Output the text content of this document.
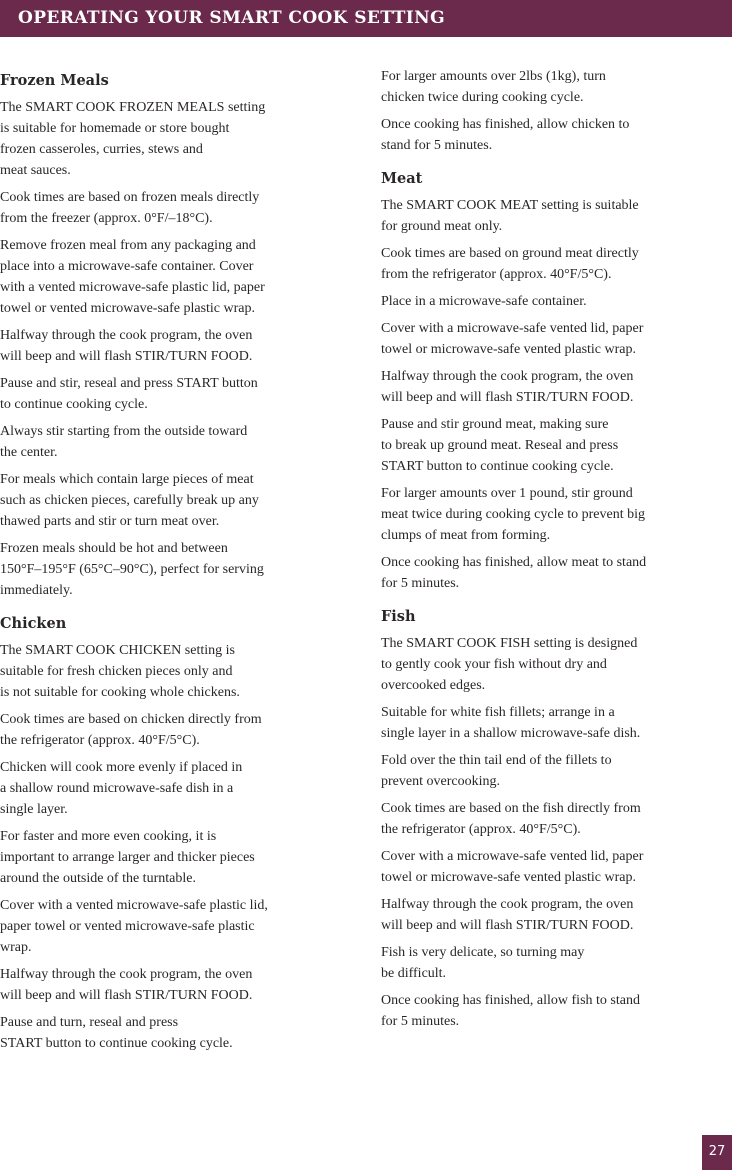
OPERATING YOUR SMART COOK SETTING
Frozen Meals
The SMART COOK FROZEN MEALS setting
is suitable for homemade or store bought
frozen casseroles, curries, stews and
meat sauces.
Cook times are based on frozen meals directly
from the freezer (approx. 0°F/–18°C).
Remove frozen meal from any packaging and
place into a microwave-safe container. Cover
with a vented microwave-safe plastic lid, paper
towel or vented microwave-safe plastic wrap.
Halfway through the cook program, the oven
will beep and will flash STIR/TURN FOOD.
Pause and stir, reseal and press START button
to continue cooking cycle.
Always stir starting from the outside toward
the center.
For meals which contain large pieces of meat
such as chicken pieces, carefully break up any
thawed parts and stir or turn meat over.
Frozen meals should be hot and between
150°F–195°F (65°C–90°C), perfect for serving
immediately.
Chicken
The SMART COOK CHICKEN setting is
suitable for fresh chicken pieces only and
is not suitable for cooking whole chickens.
Cook times are based on chicken directly from
the refrigerator (approx. 40°F/5°C).
Chicken will cook more evenly if placed in
a shallow round microwave-safe dish in a
single layer.
For faster and more even cooking, it is
important to arrange larger and thicker pieces
around the outside of the turntable.
Cover with a vented microwave-safe plastic lid,
paper towel or vented microwave-safe plastic
wrap.
Halfway through the cook program, the oven
will beep and will flash STIR/TURN FOOD.
Pause and turn, reseal and press
START button to continue cooking cycle.
For larger amounts over 2lbs (1kg), turn
chicken twice during cooking cycle.
Once cooking has finished, allow chicken to
stand for 5 minutes.
Meat
The SMART COOK MEAT setting is suitable
for ground meat only.
Cook times are based on ground meat directly
from the refrigerator (approx. 40°F/5°C).
Place in a microwave-safe container.
Cover with a microwave-safe vented lid, paper
towel or microwave-safe vented plastic wrap.
Halfway through the cook program, the oven
will beep and will flash STIR/TURN FOOD.
Pause and stir ground meat, making sure
to break up ground meat. Reseal and press
START button to continue cooking cycle.
For larger amounts over 1 pound, stir ground
meat twice during cooking cycle to prevent big
clumps of meat from forming.
Once cooking has finished, allow meat to stand
for 5 minutes.
Fish
The SMART COOK FISH setting is designed
to gently cook your fish without dry and
overcooked edges.
Suitable for white fish fillets; arrange in a
single layer in a shallow microwave-safe dish.
Fold over the thin tail end of the fillets to
prevent overcooking.
Cook times are based on the fish directly from
the refrigerator (approx. 40°F/5°C).
Cover with a microwave-safe vented lid, paper
towel or microwave-safe vented plastic wrap.
Halfway through the cook program, the oven
will beep and will flash STIR/TURN FOOD.
Fish is very delicate, so turning may
be difficult.
Once cooking has finished, allow fish to stand
for 5 minutes.
27
